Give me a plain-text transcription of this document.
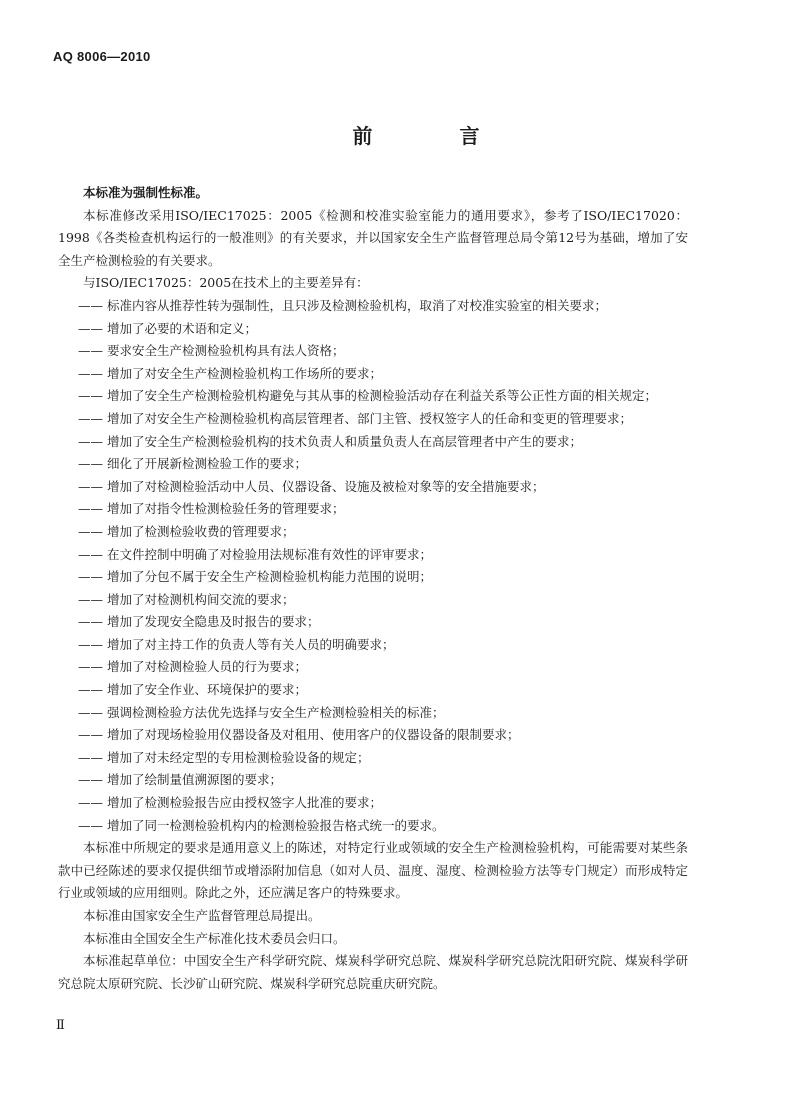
AQ 8006—2010
前 言

本标准为强制性标准。

本标准修改采用ISO/IEC17025：2005《检测和校准实验室能力的通用要求》，参考了ISO/IEC17020：1998《各类检查机构运行的一般准则》的有关要求，并以国家安全生产监督管理总局令第12号为基础，增加了安全生产检测检验的有关要求。

与ISO/IEC17025：2005在技术上的主要差异有：

—— 标准内容从推荐性转为强制性，且只涉及检测检验机构，取消了对校准实验室的相关要求；

—— 增加了必要的术语和定义；

—— 要求安全生产检测检验机构具有法人资格；

—— 增加了对安全生产检测检验机构工作场所的要求；

—— 增加了安全生产检测检验机构避免与其从事的检测检验活动存在利益关系等公正性方面的相关规定；

—— 增加了对安全生产检测检验机构高层管理者、部门主管、授权签字人的任命和变更的管理要求；

—— 增加了安全生产检测检验机构的技术负责人和质量负责人在高层管理者中产生的要求；

—— 细化了开展新检测检验工作的要求；

—— 增加了对检测检验活动中人员、仪器设备、设施及被检对象等的安全措施要求；

—— 增加了对指令性检测检验任务的管理要求；

—— 增加了检测检验收费的管理要求；

—— 在文件控制中明确了对检验用法规标准有效性的评审要求；

—— 增加了分包不属于安全生产检测检验机构能力范围的说明；

—— 增加了对检测机构间交流的要求；

—— 增加了发现安全隐患及时报告的要求；

—— 增加了对主持工作的负责人等有关人员的明确要求；

—— 增加了对检测检验人员的行为要求；

—— 增加了安全作业、环境保护的要求；

—— 强调检测检验方法优先选择与安全生产检测检验相关的标准；

—— 增加了对现场检验用仪器设备及对租用、使用客户的仪器设备的限制要求；

—— 增加了对未经定型的专用检测检验设备的规定；

—— 增加了绘制量值溯源图的要求；

—— 增加了检测检验报告应由授权签字人批准的要求；

—— 增加了同一检测检验机构内的检测检验报告格式统一的要求。

本标准中所规定的要求是通用意义上的陈述，对特定行业或领域的安全生产检测检验机构，可能需要对某些条款中已经陈述的要求仅提供细节或增添附加信息（如对人员、温度、湿度、检测检验方法等专门规定）而形成特定行业或领域的应用细则。除此之外，还应满足客户的特殊要求。

本标准由国家安全生产监督管理总局提出。

本标准由全国安全生产标准化技术委员会归口。

本标准起草单位：中国安全生产科学研究院、煤炭科学研究总院、煤炭科学研究总院沈阳研究院、煤炭科学研究总院太原研究院、长沙矿山研究院、煤炭科学研究总院重庆研究院。

Ⅱ
